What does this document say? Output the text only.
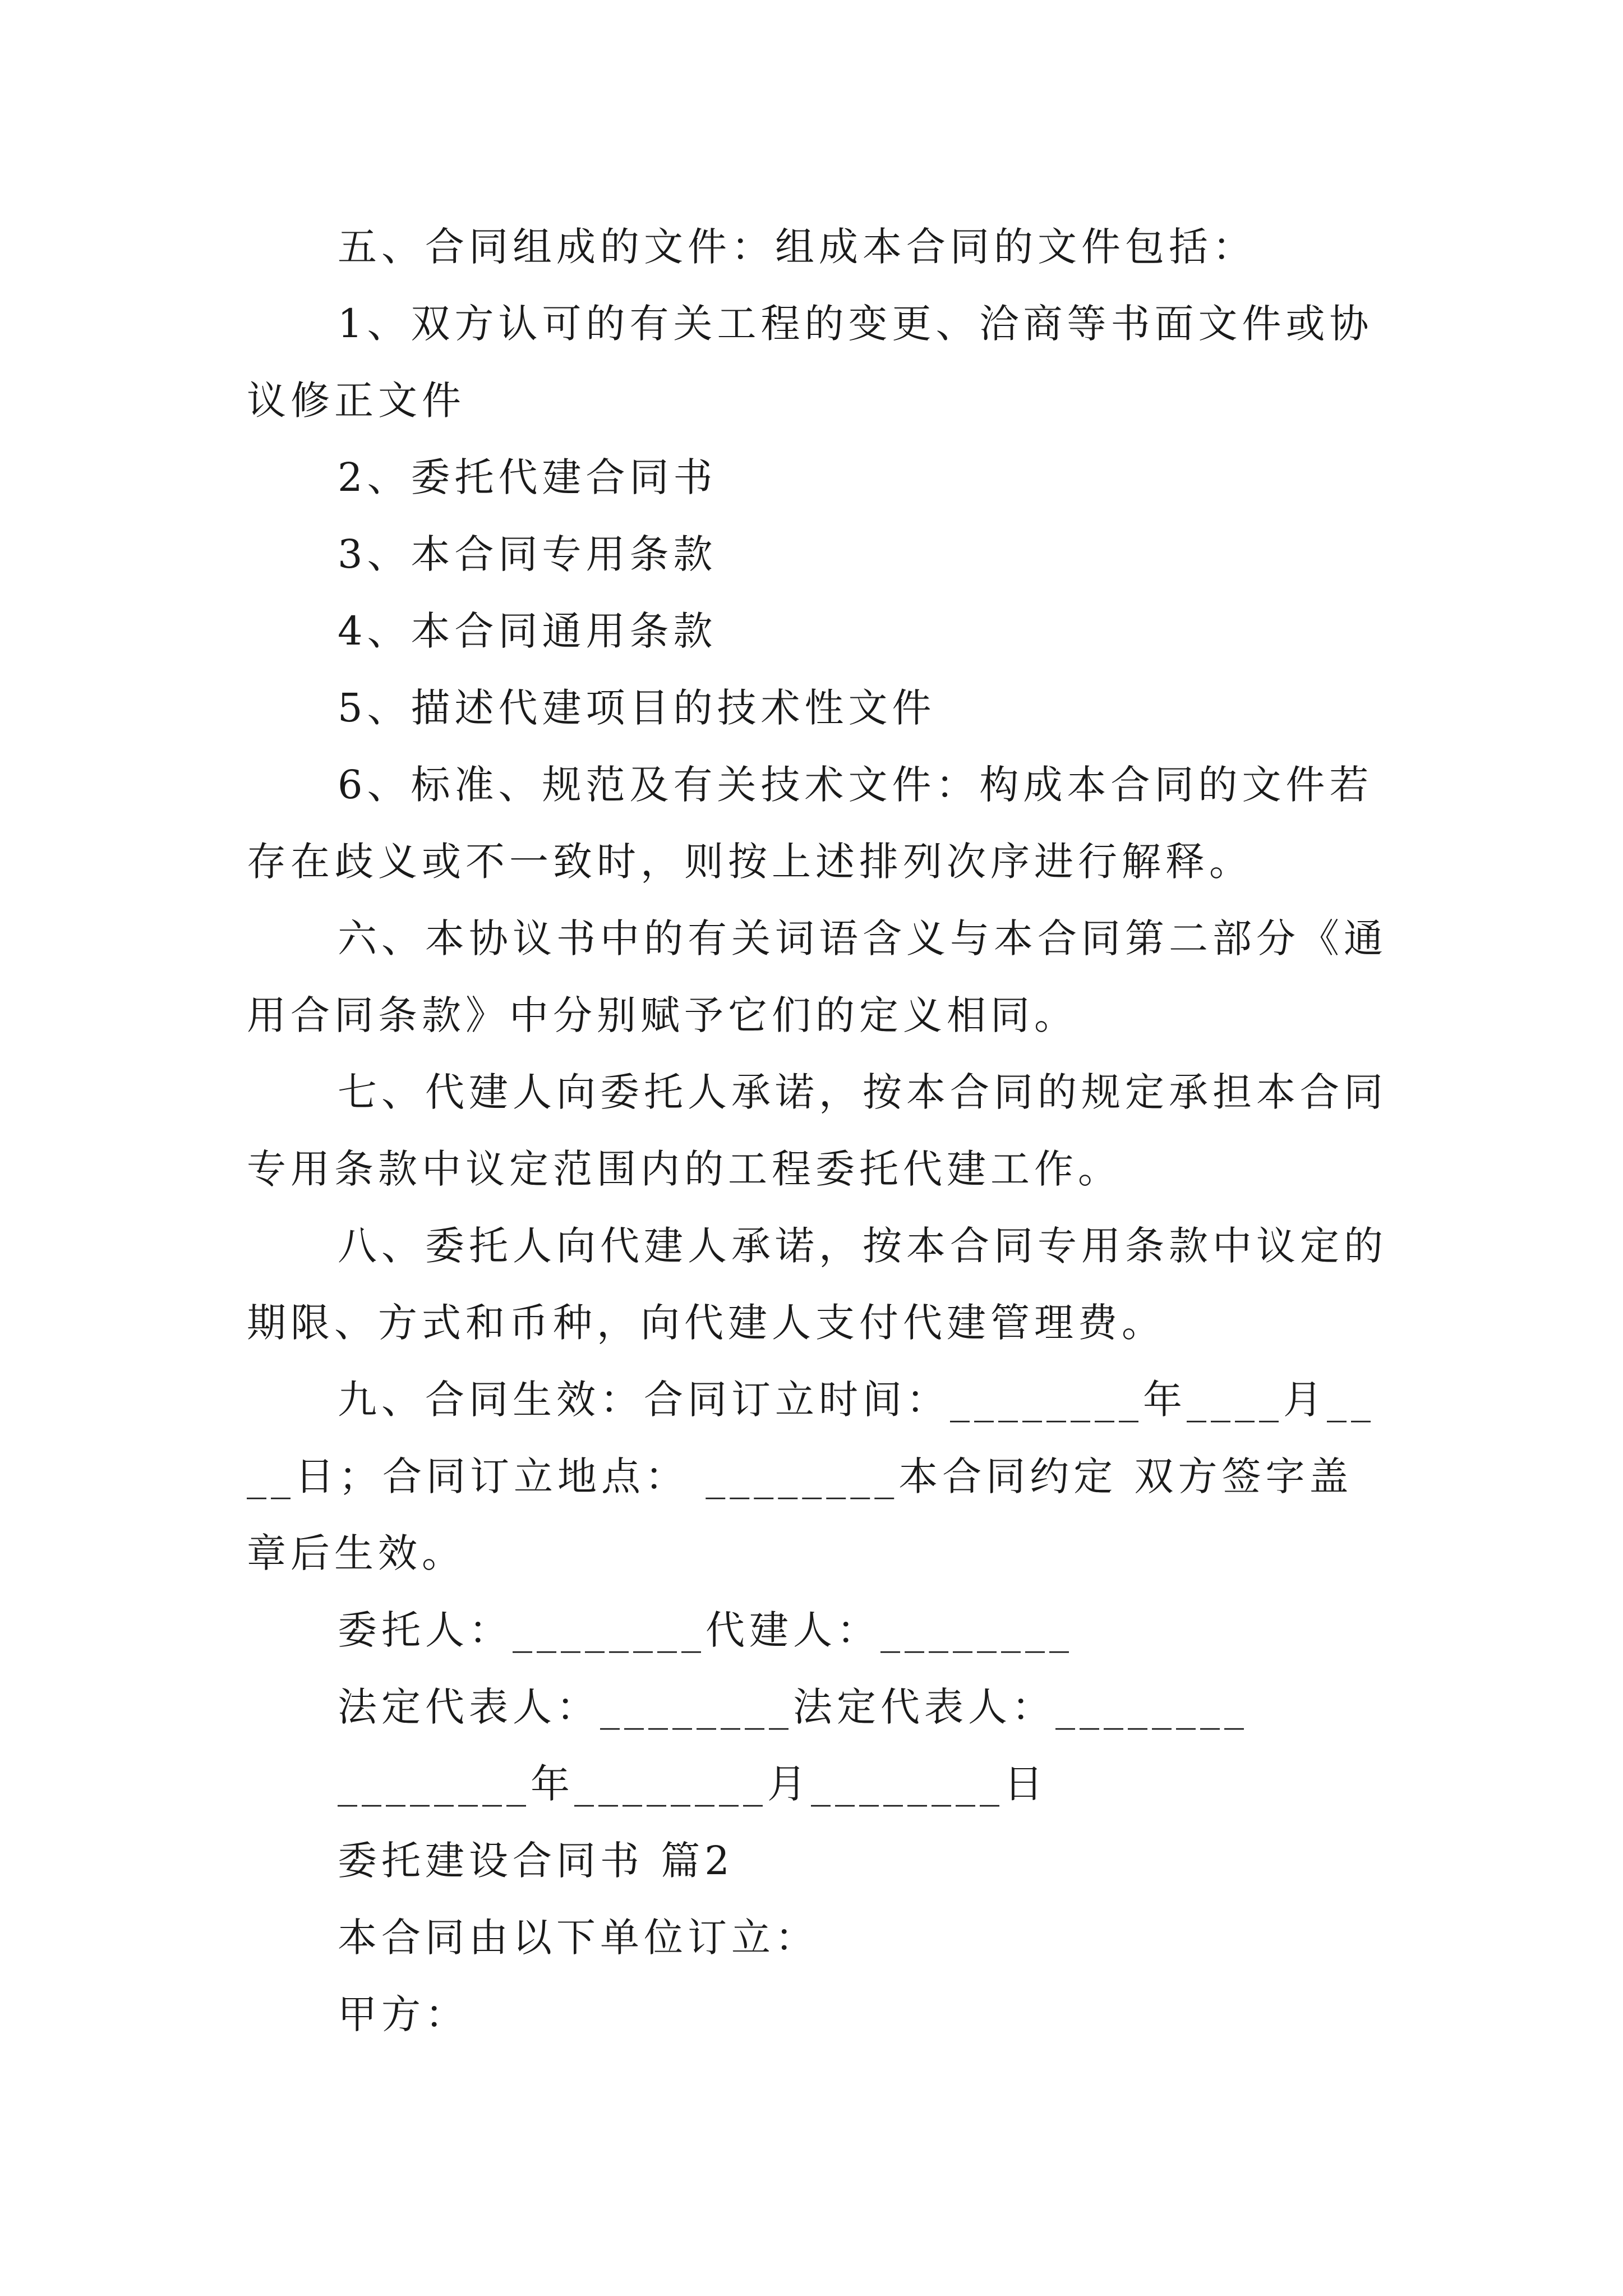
五、合同组成的文件：组成本合同的文件包括：

1、双方认可的有关工程的变更、洽商等书面文件或协议修正文件

2、委托代建合同书

3、本合同专用条款

4、本合同通用条款

5、描述代建项目的技术性文件

6、标准、规范及有关技术文件：构成本合同的文件若存在歧义或不一致时，则按上述排列次序进行解释。

六、本协议书中的有关词语含义与本合同第二部分《通用合同条款》中分别赋予它们的定义相同。

七、代建人向委托人承诺，按本合同的规定承担本合同专用条款中议定范围内的工程委托代建工作。

八、委托人向代建人承诺，按本合同专用条款中议定的期限、方式和币种，向代建人支付代建管理费。

九、合同生效：合同订立时间：________年____月____日；合同订立地点： ________本合同约定 双方签字盖章后生效。

委托人：________代建人：________

法定代表人：________法定代表人：________

________年________月________日

委托建设合同书 篇2

本合同由以下单位订立：

甲方：
